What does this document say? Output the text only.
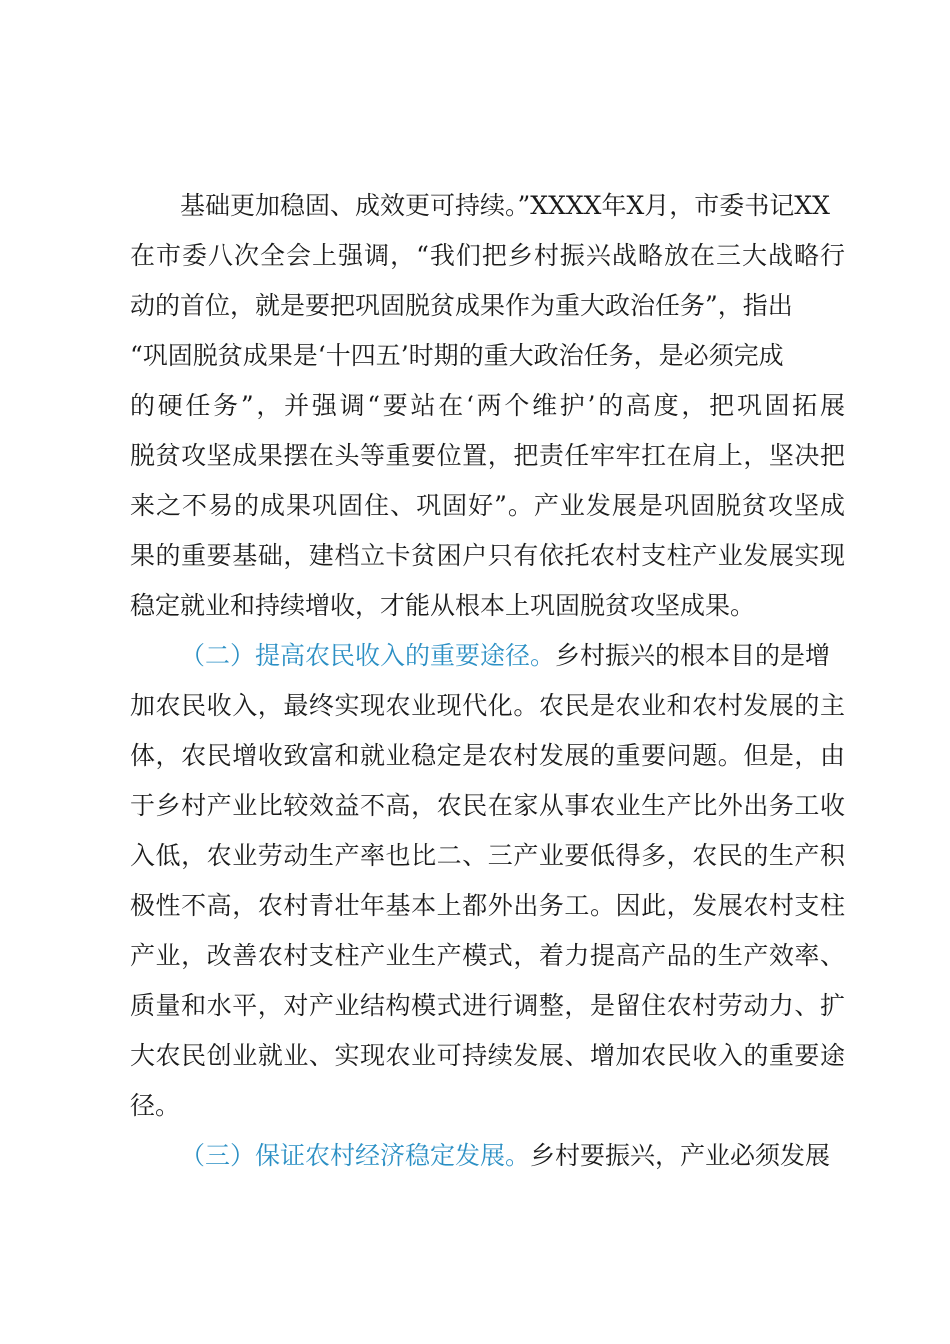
基础更加稳固、成效更可持续。”XXXX年X月，市委书记XX
在市委八次全会上强调，“我们把乡村振兴战略放在三大战略行
动的首位，就是要把巩固脱贫成果作为重大政治任务”，指出
“巩固脱贫成果是‘十四五’时期的重大政治任务，是必须完成
的硬任务”，并强调“要站在‘两个维护’的高度，把巩固拓展
脱贫攻坚成果摆在头等重要位置，把责任牢牢扛在肩上，坚决把
来之不易的成果巩固住、巩固好”。产业发展是巩固脱贫攻坚成
果的重要基础，建档立卡贫困户只有依托农村支柱产业发展实现
稳定就业和持续增收，才能从根本上巩固脱贫攻坚成果。
（二）提高农民收入的重要途径。乡村振兴的根本目的是增
加农民收入，最终实现农业现代化。农民是农业和农村发展的主
体，农民增收致富和就业稳定是农村发展的重要问题。但是，由
于乡村产业比较效益不高，农民在家从事农业生产比外出务工收
入低，农业劳动生产率也比二、三产业要低得多，农民的生产积
极性不高，农村青壮年基本上都外出务工。因此，发展农村支柱
产业，改善农村支柱产业生产模式，着力提高产品的生产效率、
质量和水平，对产业结构模式进行调整，是留住农村劳动力、扩
大农民创业就业、实现农业可持续发展、增加农民收入的重要途
径。
（三）保证农村经济稳定发展。乡村要振兴，产业必须发展
